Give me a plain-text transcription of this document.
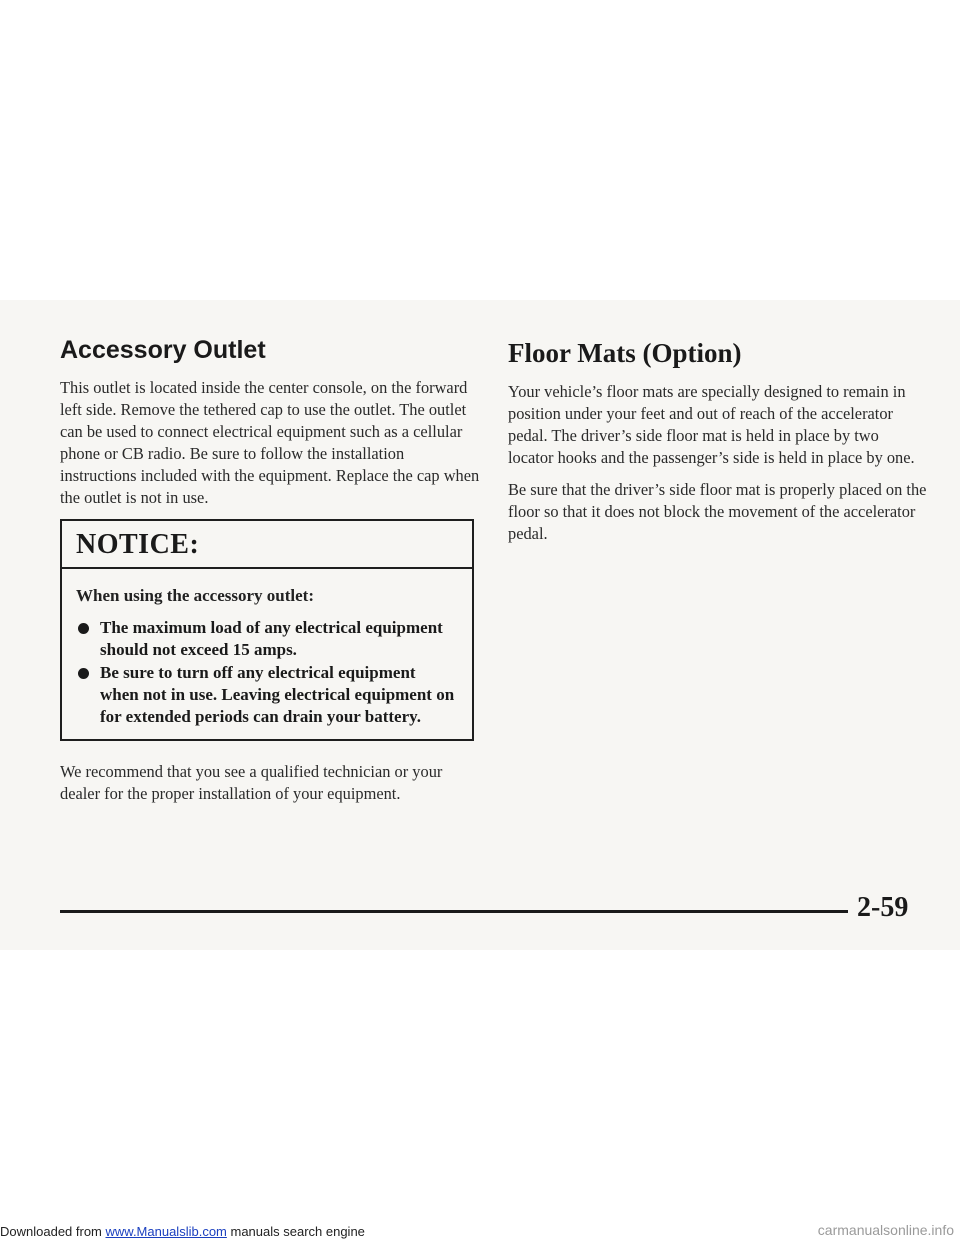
Accessory Outlet

This outlet is located inside the center console, on the forward left side. Remove the tethered cap to use the outlet. The outlet can be used to connect electrical equipment such as a cellular phone or CB radio. Be sure to follow the installation instructions included with the equipment. Replace the cap when the outlet is not in use.

NOTICE:

When using the accessory outlet:

The maximum load of any electrical equipment should not exceed 15 amps.
Be sure to turn off any electrical equipment when not in use. Leaving electrical equipment on for extended periods can drain your battery.

We recommend that you see a qualified technician or your dealer for the proper installation of your equipment.

Floor Mats (Option)

Your vehicle’s floor mats are specially designed to remain in position under your feet and out of reach of the accelerator pedal. The driver’s side floor mat is held in place by two locator hooks and the passenger’s side is held in place by one.

Be sure that the driver’s side floor mat is properly placed on the floor so that it does not block the movement of the accelerator pedal.

2-59
Downloaded from www.Manualslib.com manuals search engine	carmanualsonline.info
